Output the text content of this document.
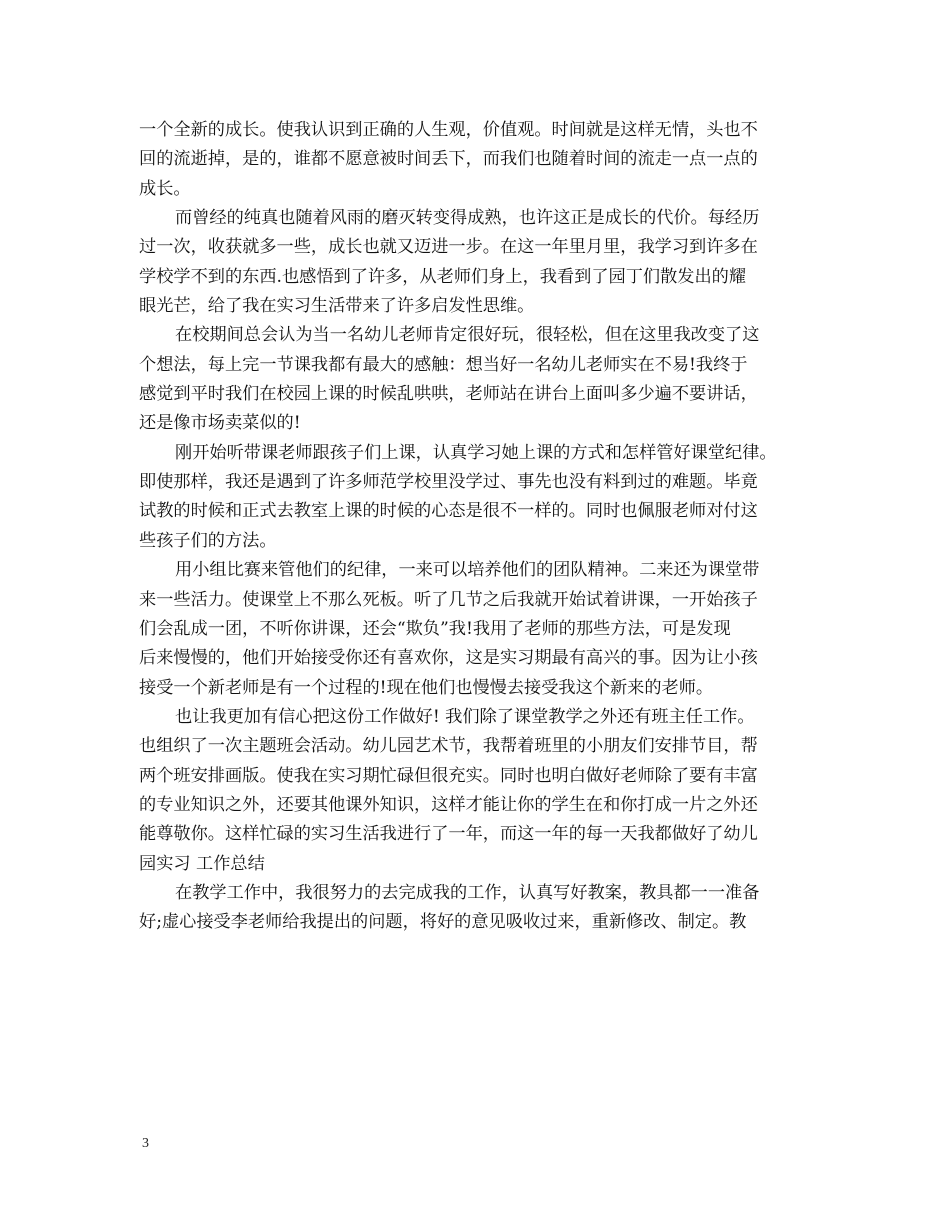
一个全新的成长。使我认识到正确的人生观，价值观。时间就是这样无情，头也不
回的流逝掉，是的，谁都不愿意被时间丢下，而我们也随着时间的流走一点一点的
成长。
而曾经的纯真也随着风雨的磨灭转变得成熟，也许这正是成长的代价。每经历
过一次，收获就多一些，成长也就又迈进一步。在这一年里月里，我学习到许多在
学校学不到的东西.也感悟到了许多，从老师们身上，我看到了园丁们散发出的耀
眼光芒，给了我在实习生活带来了许多启发性思维。
在校期间总会认为当一名幼儿老师肯定很好玩，很轻松，但在这里我改变了这
个想法，每上完一节课我都有最大的感触：想当好一名幼儿老师实在不易!我终于
感觉到平时我们在校园上课的时候乱哄哄，老师站在讲台上面叫多少遍不要讲话，
还是像市场卖菜似的!
刚开始听带课老师跟孩子们上课，认真学习她上课的方式和怎样管好课堂纪律。
即使那样，我还是遇到了许多师范学校里没学过、事先也没有料到过的难题。毕竟
试教的时候和正式去教室上课的时候的心态是很不一样的。同时也佩服老师对付这
些孩子们的方法。
用小组比赛来管他们的纪律，一来可以培养他们的团队精神。二来还为课堂带
来一些活力。使课堂上不那么死板。听了几节之后我就开始试着讲课，一开始孩子
们会乱成一团，不听你讲课，还会“欺负”我!我用了老师的那些方法，可是发现
后来慢慢的，他们开始接受你还有喜欢你，这是实习期最有高兴的事。因为让小孩
接受一个新老师是有一个过程的!现在他们也慢慢去接受我这个新来的老师。
也让我更加有信心把这份工作做好! 我们除了课堂教学之外还有班主任工作。
也组织了一次主题班会活动。幼儿园艺术节，我帮着班里的小朋友们安排节目，帮
两个班安排画版。使我在实习期忙碌但很充实。同时也明白做好老师除了要有丰富
的专业知识之外，还要其他课外知识，这样才能让你的学生在和你打成一片之外还
能尊敬你。这样忙碌的实习生活我进行了一年，而这一年的每一天我都做好了幼儿
园实习 工作总结
在教学工作中，我很努力的去完成我的工作，认真写好教案，教具都一一准备
好;虚心接受李老师给我提出的问题，将好的意见吸收过来，重新修改、制定。教
3
